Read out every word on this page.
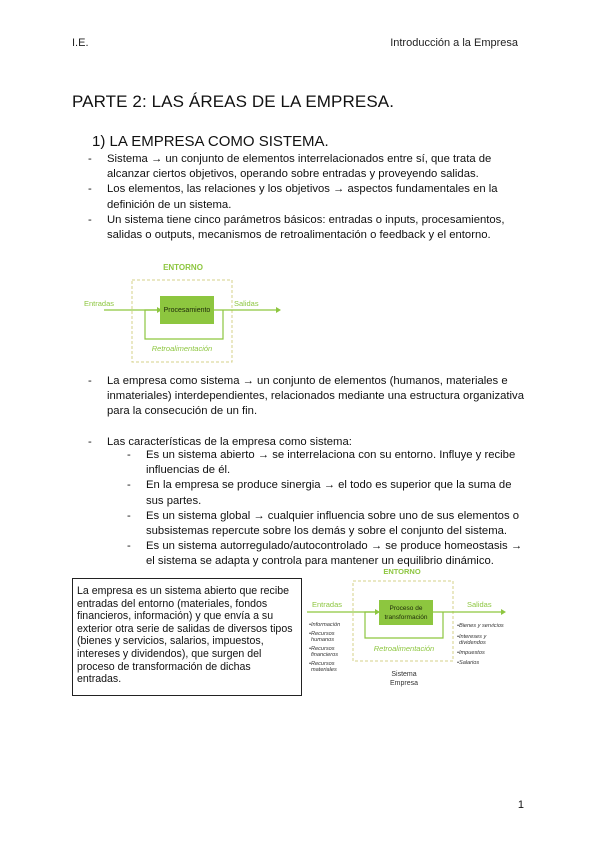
I.E.	Introducción a la Empresa
PARTE 2: LAS ÁREAS DE LA EMPRESA.
1) LA EMPRESA COMO SISTEMA.
- Sistema → un conjunto de elementos interrelacionados entre sí, que trata de alcanzar ciertos objetivos, operando sobre entradas y proveyendo salidas.
- Los elementos, las relaciones y los objetivos → aspectos fundamentales en la definición de un sistema.
- Un sistema tiene cinco parámetros básicos: entradas o inputs, procesamientos, salidas o outputs, mecanismos de retroalimentación o feedback y el entorno.
ENTORNO
Entradas
Procesamiento
Salidas
Retroalimentación
- La empresa como sistema → un conjunto de elementos (humanos, materiales e inmateriales) interdependientes, relacionados mediante una estructura organizativa para la consecución de un fin.
- Las características de la empresa como sistema:
- Es un sistema abierto → se interrelaciona con su entorno. Influye y recibe influencias de él.
- En la empresa se produce sinergia → el todo es superior que la suma de sus partes.
- Es un sistema global → cualquier influencia sobre uno de sus elementos o subsistemas repercute sobre los demás y sobre el conjunto del sistema.
- Es un sistema autorregulado/autocontrolado → se produce homeostasis → el sistema se adapta y controla para mantener un equilibrio dinámico.
La empresa es un sistema abierto que recibe entradas del entorno (materiales, fondos financieros, información) y que envía a su exterior otra serie de salidas de diversos tipos (bienes y servicios, salarios, impuestos, intereses y dividendos), que surgen del proceso de transformación de dichas entradas.
ENTORNO
Entradas	Proceso de
transformación
Salidas
Retroalimentación
•Información
•Recursos
humanos
•Recursos
financieros
•Recursos
materiales
•Bienes y servicios
•Intereses y
dividendos
•Impuestos
•Salarios
Sistema
Empresa
1
